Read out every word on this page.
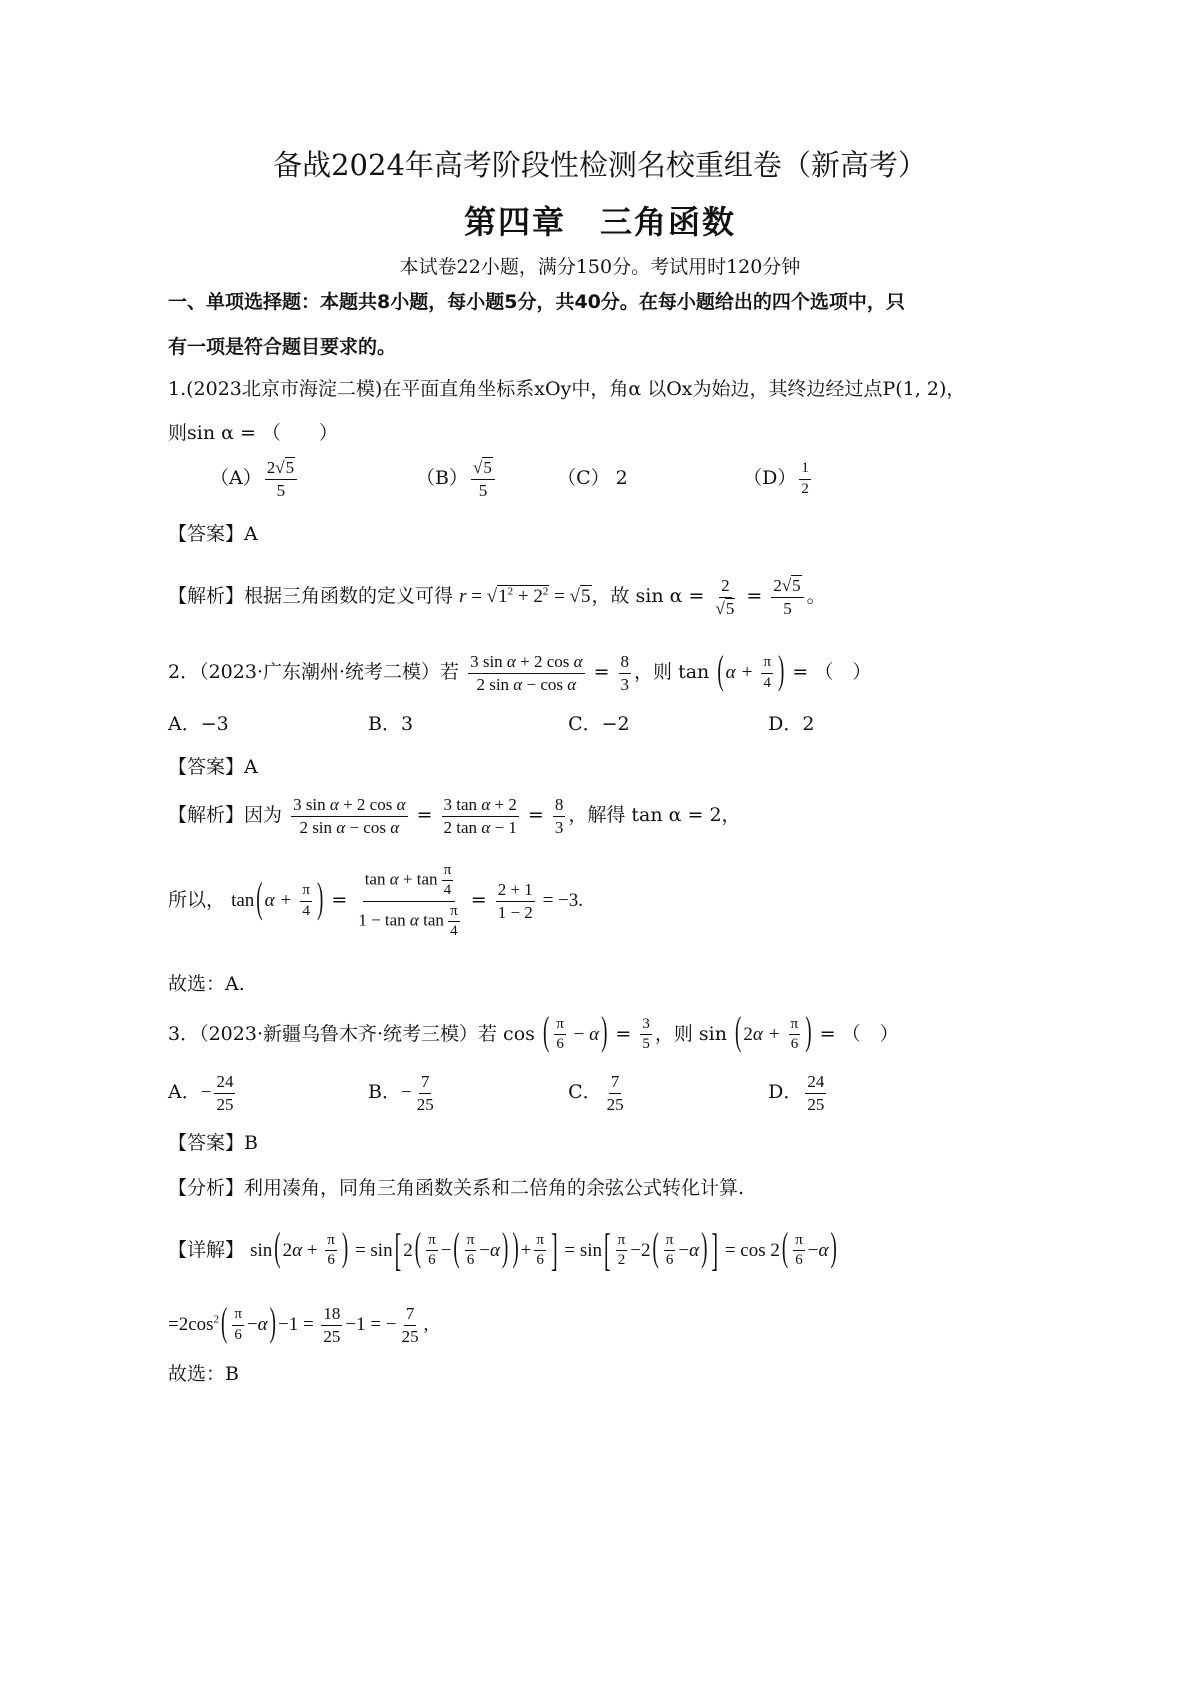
备战2024年高考阶段性检测名校重组卷（新高考）
第四章　三角函数
本试卷22小题，满分150分。考试用时120分钟
一、单项选择题：本题共8小题，每小题5分，共40分。在每小题给出的四个选项中，只
有一项是符合题目要求的。
1.(2023北京市海淀二模)在平面直角坐标系xOy中，角α 以Ox为始边，其终边经过点P(1, 2)，
则sin α = （　　）
$(A) \frac{2√5}{5}$	$(B) \frac{√5}{5}$	（C） 2	$(D) \frac{1}{2}$
【答案】A
【解析】根据三角函数的定义可得 $r = √1^2 + 2^2 = √5$，故 $\sin \alpha = \frac{2}{√5} = \frac{2√5}{5}$ 。
2．（2023·广东潮州·统考二模）若 $\frac{\text{3 sin α + 2 cos α}}{\text{2 sin α − cos α}} = \frac{8}{3}$ ，则 tan ( $\alpha + \frac{\pi}{4}$ ) = （　）
A．−3	B．3	C．−2	D．2
【答案】A
【解析】因为 $\frac{\text{3 sin α + 2 cos α}}{\text{2 sin α − cos α}} = \frac{\text{3 tan α + 2}}{\text{2 tan α − 1}} = \frac{8}{3}$ ，解得 tan α = 2，
所以， tan ( $\alpha + \frac{\pi}{4}$ ) = $\frac{\tan \alpha + \tan \frac{\pi}{4}}{1 - \tan \alpha \tan \frac{\pi}{4}} = \frac{2 + 1}{1 - 2} = -3$.
故选：A.
3．（2023·新疆乌鲁木齐·统考三模）若 cos ( $\frac{\pi}{6} - \alpha$ ) = $\frac{3}{5}$ ，则 sin ( $2\alpha + \frac{\pi}{6}$ ) = （　）
A．− $\frac{24}{25}$	B．− $\frac{7}{25}$	C． $\frac{7}{25}$	D． $\frac{24}{25}$
【答案】B
【分析】利用凑角，同角三角函数关系和二倍角的余弦公式转化计算.
【详解】 sin ( $2\alpha + \frac{\pi}{6}$ ) = sin [ 2 ( $\frac{\pi}{6}$ − ( $\frac{\pi}{6} -\alpha$ ) ) + $\frac{\pi}{6}$ ] = sin [ $\frac{\pi}{2} -2$ ( $\frac{\pi}{6} -\alpha$ ) ] = cos 2 ( $\frac{\pi}{6} -\alpha$ )
$=2\cos^2$ ( $\frac{\pi}{6} -\alpha$ ) $-1 = \frac{18}{25} -1$ = − $\frac{7}{25}$ ,
故选：B
